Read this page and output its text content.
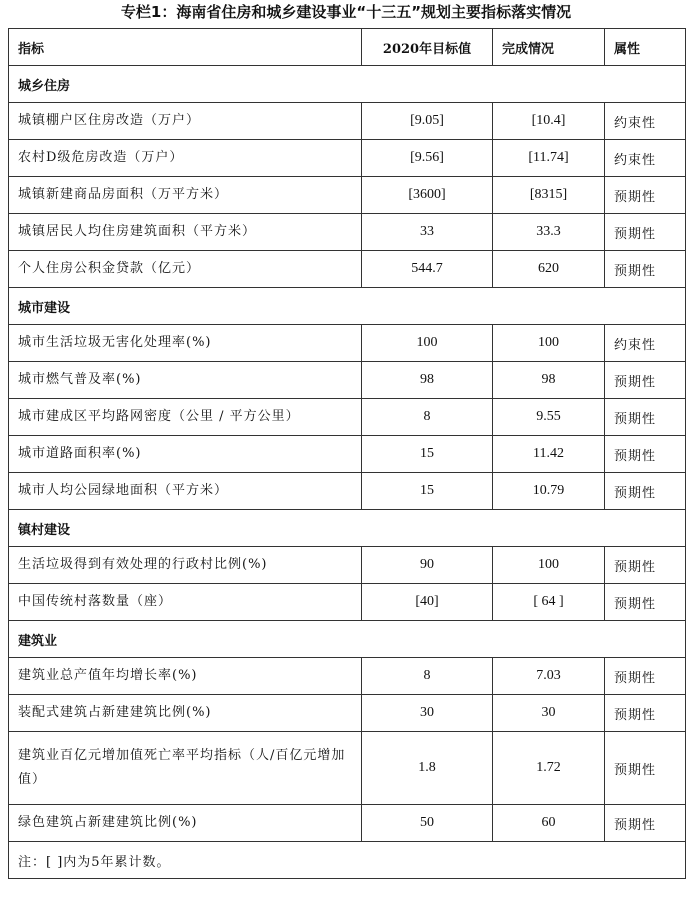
专栏1：海南省住房和城乡建设事业“十三五”规划主要指标落实情况
指标	2020年目标值	完成情况	属性
城乡住房			
城镇棚户区住房改造（万户）	[9.05]	[10.4]	约束性
农村D级危房改造（万户）	[9.56]	[11.74]	约束性
城镇新建商品房面积（万平方米）	[3600]	[8315]	预期性
城镇居民人均住房建筑面积（平方米）	33	33.3	预期性
个人住房公积金贷款（亿元）	544.7	620	预期性
城市建设			
城市生活垃圾无害化处理率(%)	100	100	约束性
城市燃气普及率(%)	98	98	预期性
城市建成区平均路网密度（公里 / 平方公里）	8	9.55	预期性
城市道路面积率(%)	15	11.42	预期性
城市人均公园绿地面积（平方米）	15	10.79	预期性
镇村建设			
生活垃圾得到有效处理的行政村比例(%)	90	100	预期性
中国传统村落数量（座）	[40]	[ 64 ]	预期性
建筑业			
建筑业总产值年均增长率(%)	8	7.03	预期性
装配式建筑占新建建筑比例(%)	30	30	预期性
建筑业百亿元增加值死亡率平均指标（人/百亿元增加值）	1.8	1.72	预期性
绿色建筑占新建建筑比例(%)	50	60	预期性
注：[ ]内为5年累计数。			
